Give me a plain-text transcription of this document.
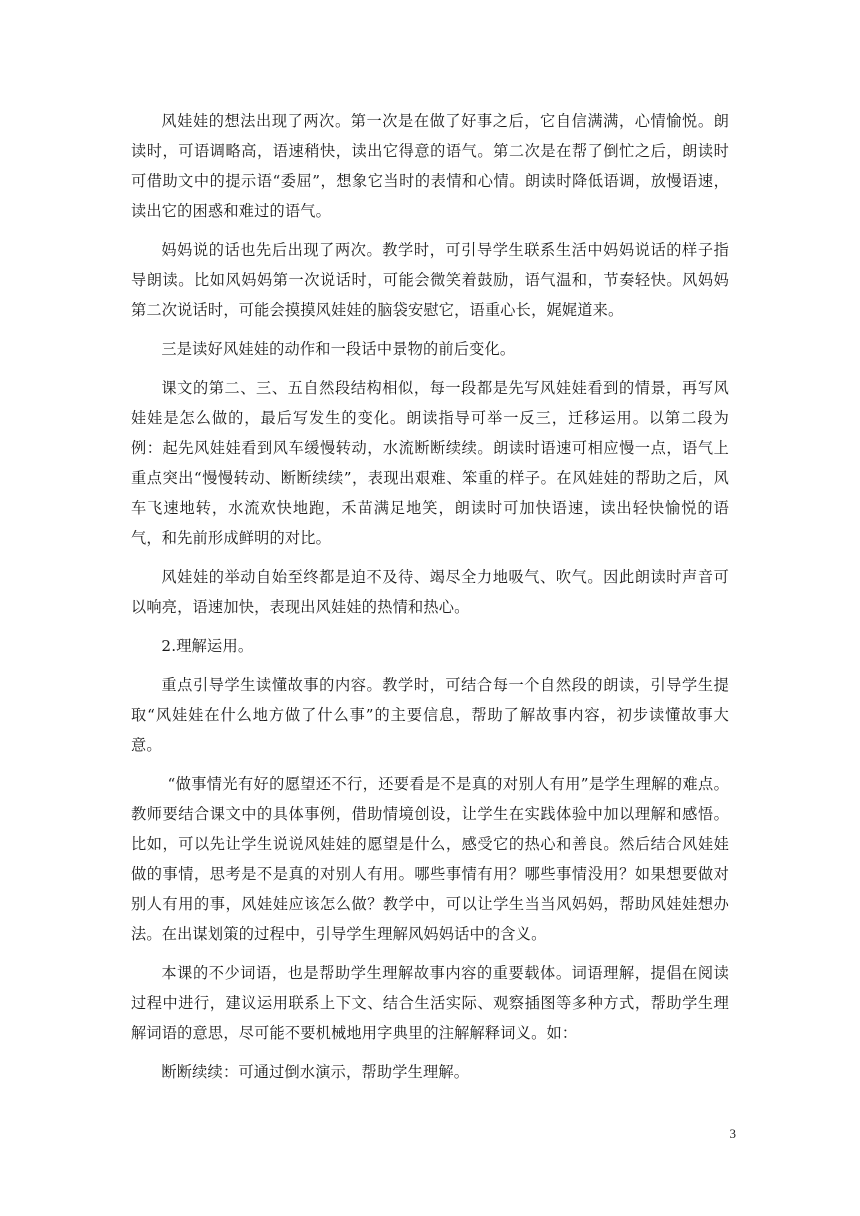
风娃娃的想法出现了两次。第一次是在做了好事之后，它自信满满，心情愉悦。朗读时，可语调略高，语速稍快，读出它得意的语气。第二次是在帮了倒忙之后，朗读时可借助文中的提示语“委屈”，想象它当时的表情和心情。朗读时降低语调，放慢语速，读出它的困惑和难过的语气。

妈妈说的话也先后出现了两次。教学时，可引导学生联系生活中妈妈说话的样子指导朗读。比如风妈妈第一次说话时，可能会微笑着鼓励，语气温和，节奏轻快。风妈妈第二次说话时，可能会摸摸风娃娃的脑袋安慰它，语重心长，娓娓道来。

三是读好风娃娃的动作和一段话中景物的前后变化。

课文的第二、三、五自然段结构相似，每一段都是先写风娃娃看到的情景，再写风娃娃是怎么做的，最后写发生的变化。朗读指导可举一反三，迁移运用。以第二段为例：起先风娃娃看到风车缓慢转动，水流断断续续。朗读时语速可相应慢一点，语气上重点突出“慢慢转动、断断续续”，表现出艰难、笨重的样子。在风娃娃的帮助之后，风车飞速地转，水流欢快地跑，禾苗满足地笑，朗读时可加快语速，读出轻快愉悦的语气，和先前形成鲜明的对比。

风娃娃的举动自始至终都是迫不及待、竭尽全力地吸气、吹气。因此朗读时声音可以响亮，语速加快，表现出风娃娃的热情和热心。

2.理解运用。

重点引导学生读懂故事的内容。教学时，可结合每一个自然段的朗读，引导学生提取“风娃娃在什么地方做了什么事”的主要信息，帮助了解故事内容，初步读懂故事大意。

“做事情光有好的愿望还不行，还要看是不是真的对别人有用”是学生理解的难点。教师要结合课文中的具体事例，借助情境创设，让学生在实践体验中加以理解和感悟。比如，可以先让学生说说风娃娃的愿望是什么，感受它的热心和善良。然后结合风娃娃做的事情，思考是不是真的对别人有用。哪些事情有用？哪些事情没用？如果想要做对别人有用的事，风娃娃应该怎么做？教学中，可以让学生当当风妈妈，帮助风娃娃想办法。在出谋划策的过程中，引导学生理解风妈妈话中的含义。

本课的不少词语，也是帮助学生理解故事内容的重要载体。词语理解，提倡在阅读过程中进行，建议运用联系上下文、结合生活实际、观察插图等多种方式，帮助学生理解词语的意思，尽可能不要机械地用字典里的注解解释词义。如：

断断续续：可通过倒水演示，帮助学生理解。

3
